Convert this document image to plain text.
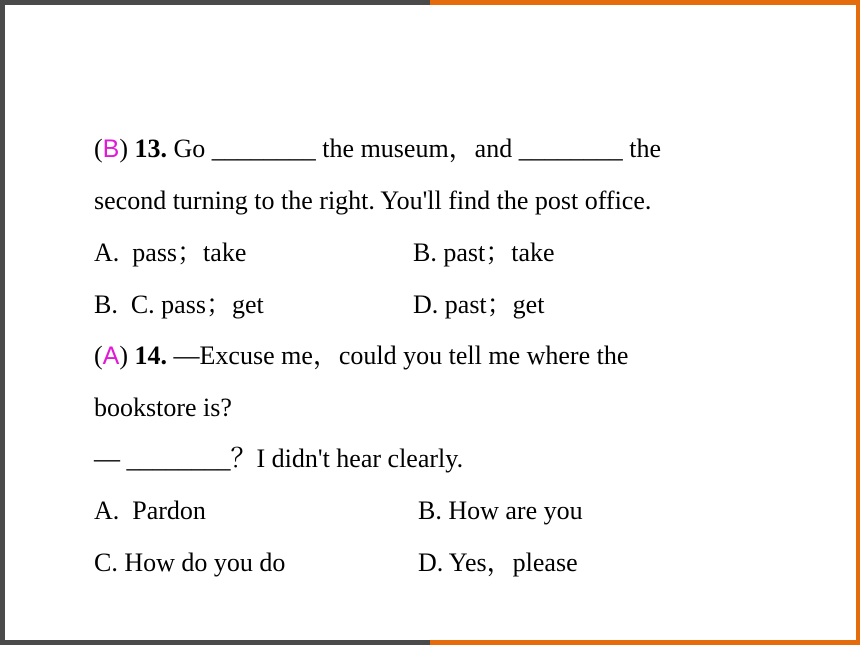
(B) 13. Go ________ the museum，and ________ the
second turning to the right. You'll find the post office.
A.  pass；take	B. past；take
B.  C. pass；get	D. past；get
(A) 14. —Excuse me，could you tell me where the
bookstore is?
— ________？I didn't hear clearly.
A.  Pardon	B. How are you
C. How do you do	D. Yes，please
